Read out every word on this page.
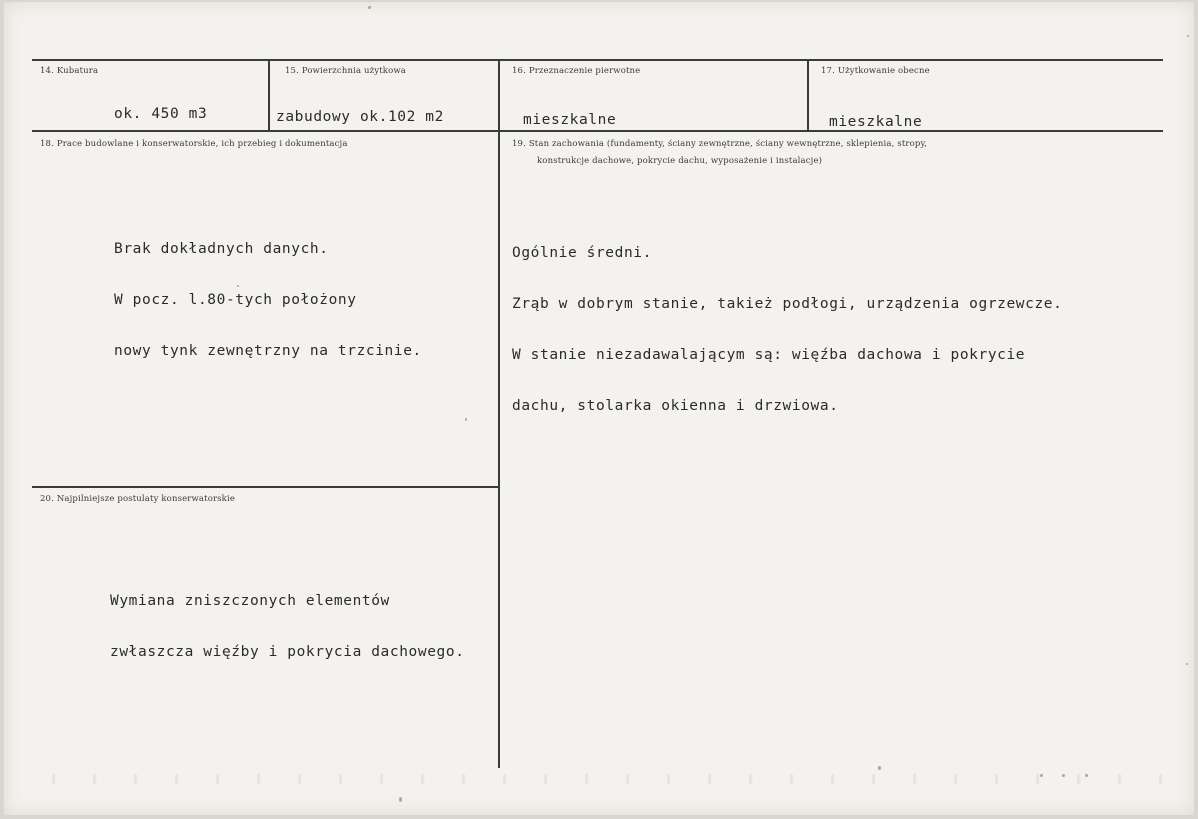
14. Kubatura
ok. 450 m3
15. Powierzchnia użytkowa
zabudowy ok.102 m2
16. Przeznaczenie pierwotne
mieszkalne
17. Użytkowanie obecne
mieszkalne
18. Prace budowlane i konserwatorskie, ich przebieg i dokumentacja

Brak dokładnych danych.

W pocz. l.80-tych położony

nowy tynk zewnętrzny na trzcinie.

19. Stan zachowania (fundamenty, ściany zewnętrzne, ściany wewnętrzne, sklepienia, stropy,
konstrukcje dachowe, pokrycie dachu, wyposażenie i instalacje)

Ogólnie średni.

Zrąb w dobrym stanie, takież podłogi, urządzenia ogrzewcze.

W stanie niezadawalającym są: więźba dachowa i pokrycie

dachu, stolarka okienna i drzwiowa.

20. Najpilniejsze postulaty konserwatorskie

Wymiana zniszczonych elementów

zwłaszcza więźby i pokrycia dachowego.
